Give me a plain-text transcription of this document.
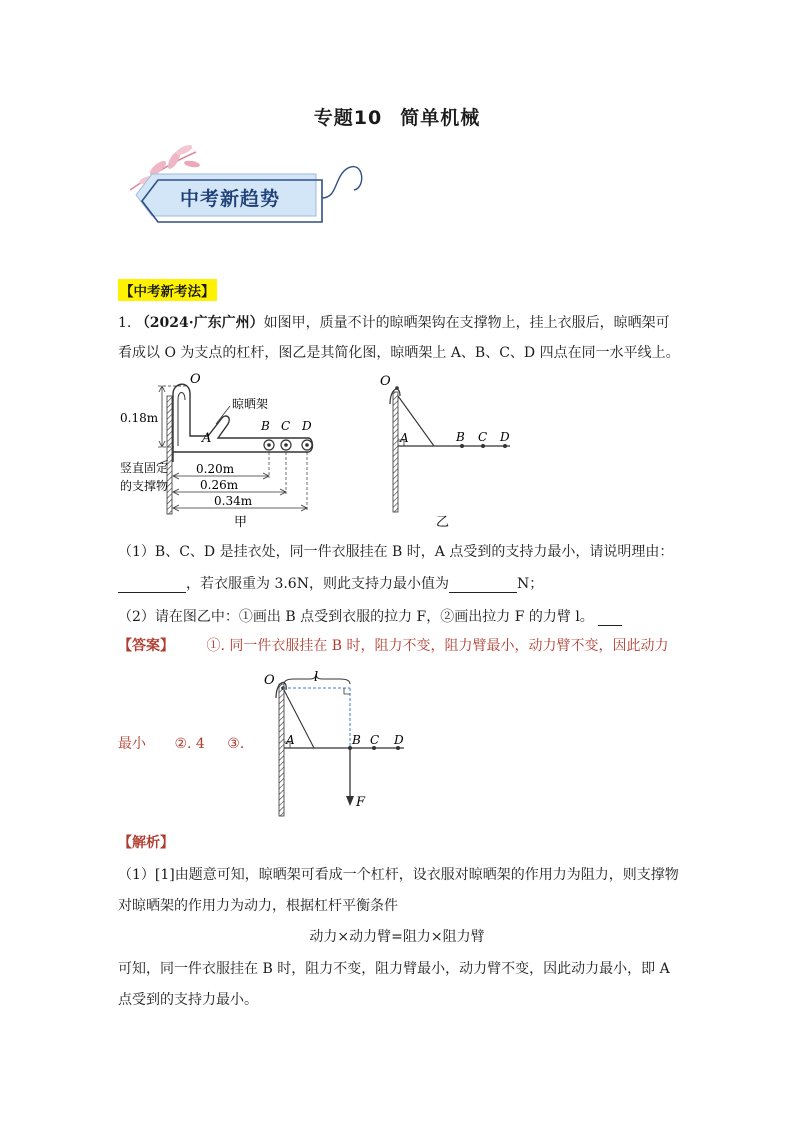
专题10 简单机械
中考新趋势
【中考新考法】
1. （2024·广东广州）如图甲，质量不计的晾晒架钩在支撑物上，挂上衣服后，晾晒架可
看成以 O 为支点的杠杆，图乙是其简化图，晾晒架上 A、B、C、D 四点在同一水平线上。
O
A
B C D
晾晒架
0.18m
0.20m
0.26m
0.34m
竖直固定
的支撑物
甲
O
A	B C D
乙
（1）B、C、D 是挂衣处，同一件衣服挂在 B 时，A 点受到的支持力最小，请说明理由：
，若衣服重为 3.6N，则此支持力最小值为	N；
（2）请在图乙中：①画出 B 点受到衣服的拉力 F，②画出拉力 F 的力臂 l。
【答案】 ①. 同一件衣服挂在 B 时，阻力不变，阻力臂最小，动力臂不变，因此动力
最小 ②. 4 ③.
l
O
A	B C D
F
【解析】
（1）[1]由题意可知，晾晒架可看成一个杠杆，设衣服对晾晒架的作用力为阻力，则支撑物
对晾晒架的作用力为动力，根据杠杆平衡条件
动力×动力臂=阻力×阻力臂
可知，同一件衣服挂在 B 时，阻力不变，阻力臂最小，动力臂不变，因此动力最小，即 A
点受到的支持力最小。
